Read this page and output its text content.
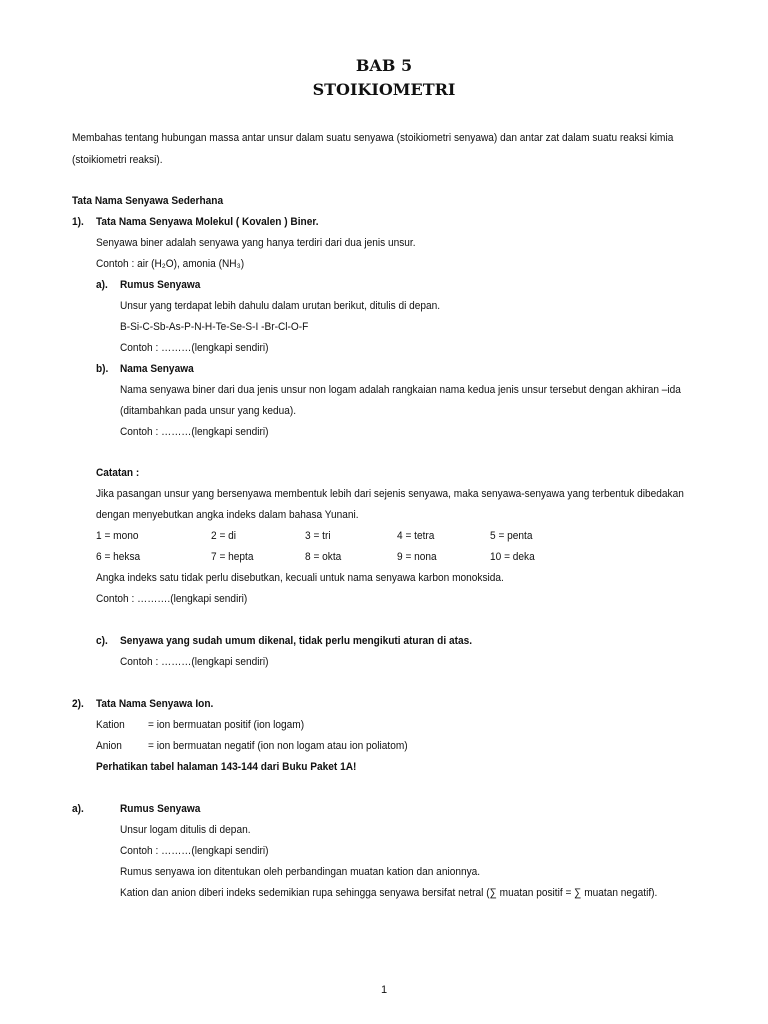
BAB 5
STOIKIOMETRI
Membahas tentang hubungan massa antar unsur dalam suatu senyawa (stoikiometri senyawa) dan antar zat dalam suatu reaksi kimia
(stoikiometri reaksi).
Tata Nama Senyawa Sederhana
1). Tata Nama Senyawa Molekul ( Kovalen ) Biner.
Senyawa biner adalah senyawa yang hanya terdiri dari dua jenis unsur.
Contoh : air (H₂O), amonia (NH₃)
a). Rumus Senyawa
Unsur yang terdapat lebih dahulu dalam urutan berikut, ditulis di depan.
B-Si-C-Sb-As-P-N-H-Te-Se-S-I -Br-Cl-O-F
Contoh : ………(lengkapi sendiri)
b). Nama Senyawa
Nama senyawa biner dari dua jenis unsur non logam adalah rangkaian nama kedua jenis unsur tersebut dengan akhiran –ida
(ditambahkan pada unsur yang kedua).
Contoh : ………(lengkapi sendiri)
Catatan :
Jika pasangan unsur yang bersenyawa membentuk lebih dari sejenis senyawa, maka senyawa-senyawa yang terbentuk dibedakan
dengan menyebutkan angka indeks dalam bahasa Yunani.
1 = mono	2 = di	3 = tri	4 = tetra	5 = penta
6 = heksa	7 = hepta	8 = okta	9 = nona	10 = deka
Angka indeks satu tidak perlu disebutkan, kecuali untuk nama senyawa karbon monoksida.
Contoh : ……….(lengkapi sendiri)
c). Senyawa yang sudah umum dikenal, tidak perlu mengikuti aturan di atas.
Contoh : ………(lengkapi sendiri)
2). Tata Nama Senyawa Ion.
Kation = ion bermuatan positif (ion logam)
Anion = ion bermuatan negatif (ion non logam atau ion poliatom)
Perhatikan tabel halaman 143-144 dari Buku Paket 1A!
a).	Rumus Senyawa
Unsur logam ditulis di depan.
Contoh : ………(lengkapi sendiri)
Rumus senyawa ion ditentukan oleh perbandingan muatan kation dan anionnya.
Kation dan anion diberi indeks sedemikian rupa sehingga senyawa bersifat netral (∑ muatan positif = ∑ muatan negatif).
1
